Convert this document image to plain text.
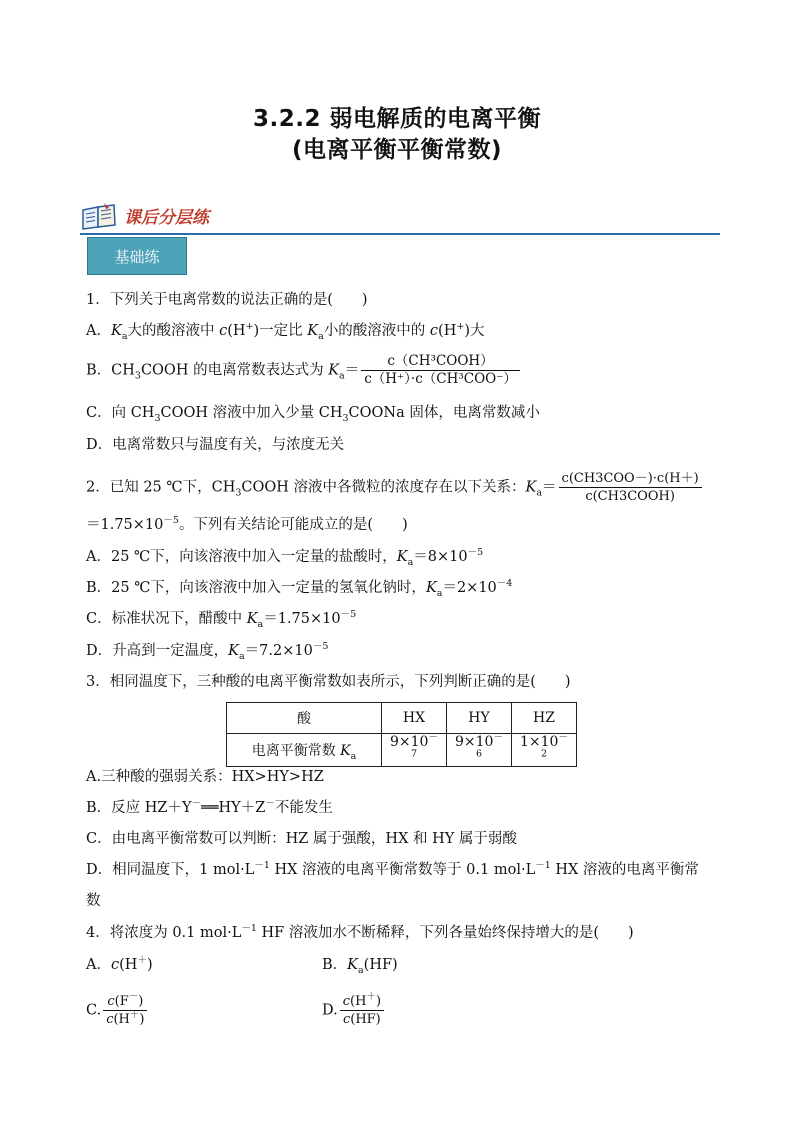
3.2.2 弱电解质的电离平衡
(电离平衡平衡常数)
课后分层练
基础练
1．下列关于电离常数的说法正确的是(　　)
A．$K_a$大的酸溶液中 c(H+)一定比 $K_a$小的酸溶液中的 c(H+)大
B．$CH_3COOH$ 的电离常数表达式为 $K_a= \frac{\text{c（CH³COOH）}}{\text{c（H⁺）·c（CH³COO⁻）}}$
C．向 $CH_3COOH$ 溶液中加入少量 $CH_3COONa$ 固体，电离常数减小
D．电离常数只与温度有关，与浓度无关
2．已知 25 ℃下，$CH_3COOH$ 溶液中各微粒的浓度存在以下关系：$K_a= \frac{\text{c(CH3COO－)·c(H＋)}}{\text{c(CH3COOH)}}$
$=1.75\times 10^{-5}$。下列有关结论可能成立的是(　　)
A．25 ℃下，向该溶液中加入一定量的盐酸时，$K_a=8\times 10^{-5}$
B．25 ℃下，向该溶液中加入一定量的氢氧化钠时，$K_a=2\times 10^{-4}$
C．标准状况下，醋酸中 $K_a=1.75\times 10^{-5}$
D．升高到一定温度，$K_a=7.2\times 10^{-5}$
3．相同温度下，三种酸的电离平衡常数如表所示，下列判断正确的是(　　)
酸	HX	HY	HZ
电离平衡常数 $K_a$	$9\times 10^{-7}$	$9\times 10^{-6}$	$1\times 10^{-2}$
A.三种酸的强弱关系：HX>HY>HZ
B．反应 HZ＋Y－══HY＋Z－不能发生
C．由电离平衡常数可以判断：HZ 属于强酸，HX 和 HY 属于弱酸
D．相同温度下，1 $mol\cdot L^{-1}$ HX 溶液的电离平衡常数等于 0.1 $mol\cdot L^{-1}$ HX 溶液的电离平衡常
数
4．将浓度为 0.1 $mol\cdot L^{-1}$ HF 溶液加水不断稀释，下列各量始终保持增大的是(　　)
A．c(H＋)	B．$K_a(HF)$
C. $\frac{c(F^-)}{c(H^+)}$	D. $\frac{c(H^+)}{c(HF)}$
